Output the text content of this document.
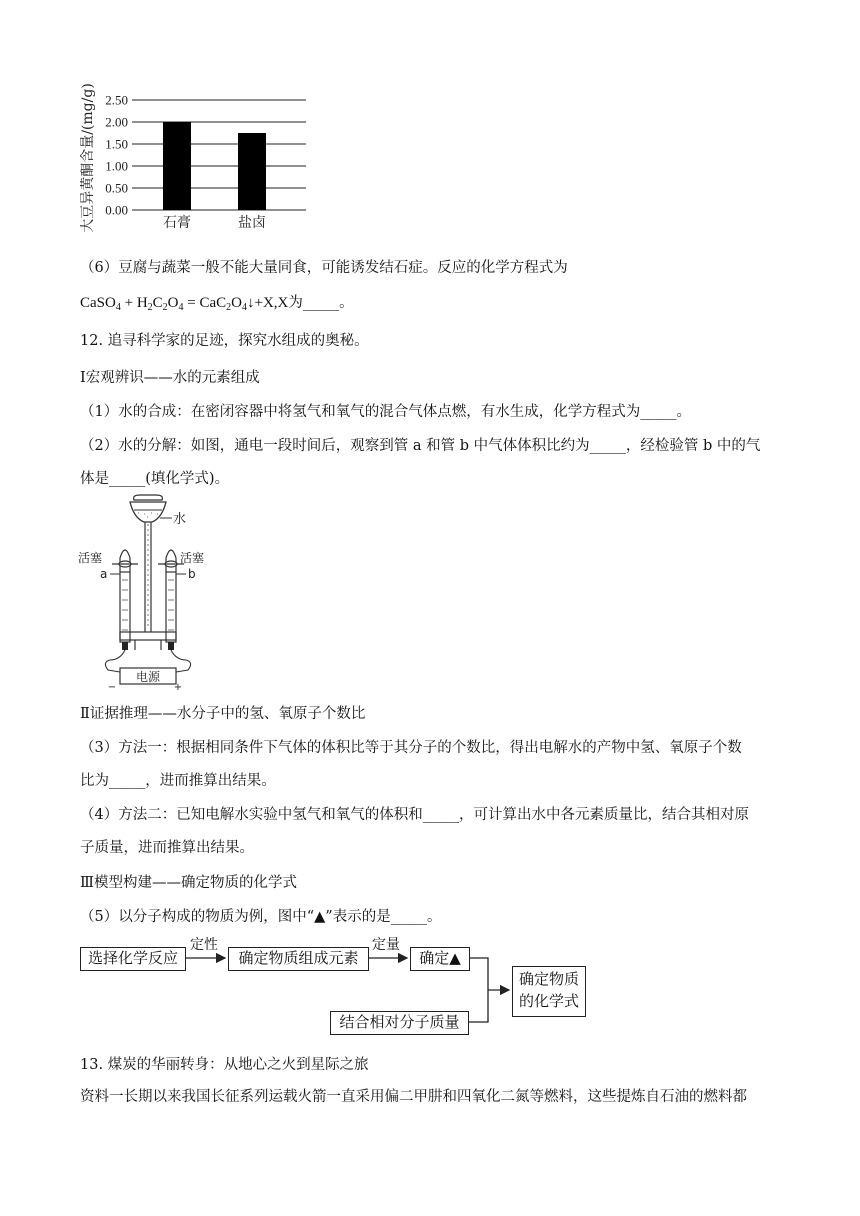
0.00
0.50
1.00
1.50
2.00
2.50
石膏	盐卤
大豆异黄酮含量/(mg/g)
（6）豆腐与蔬菜一般不能大量同食，可能诱发结石症。反应的化学方程式为
CaSO$_4$ + $H_2C_2O_4$ = $CaC_2O_4↓+X,X$为_____。
12. 追寻科学家的足迹，探究水组成的奥秘。
Ⅰ宏观辨识——水的元素组成
（1）水的合成：在密闭容器中将氢气和氧气的混合气体点燃，有水生成，化学方程式为_____。
（2）水的分解：如图，通电一段时间后，观察到管 a 和管 b 中气体体积比约为_____，经检验管 b 中的气
体是_____(填化学式)。
电源
−	+
水
活塞	活塞
a	b
Ⅱ证据推理——水分子中的氢、氧原子个数比
（3）方法一：根据相同条件下气体的体积比等于其分子的个数比，得出电解水的产物中氢、氧原子个数
比为_____，进而推算出结果。
（4）方法二：已知电解水实验中氢气和氧气的体积和_____，可计算出水中各元素质量比，结合其相对原
子质量，进而推算出结果。
Ⅲ模型构建——确定物质的化学式
（5）以分子构成的物质为例，图中“▲”表示的是_____。
选择化学反应
定性
确定物质组成元素
定量
确定▲
结合相对分子质量
确定物质
的化学式
13. 煤炭的华丽转身：从地心之火到星际之旅
资料一长期以来我国长征系列运载火箭一直采用偏二甲肼和四氧化二氮等燃料，这些提炼自石油的燃料都
